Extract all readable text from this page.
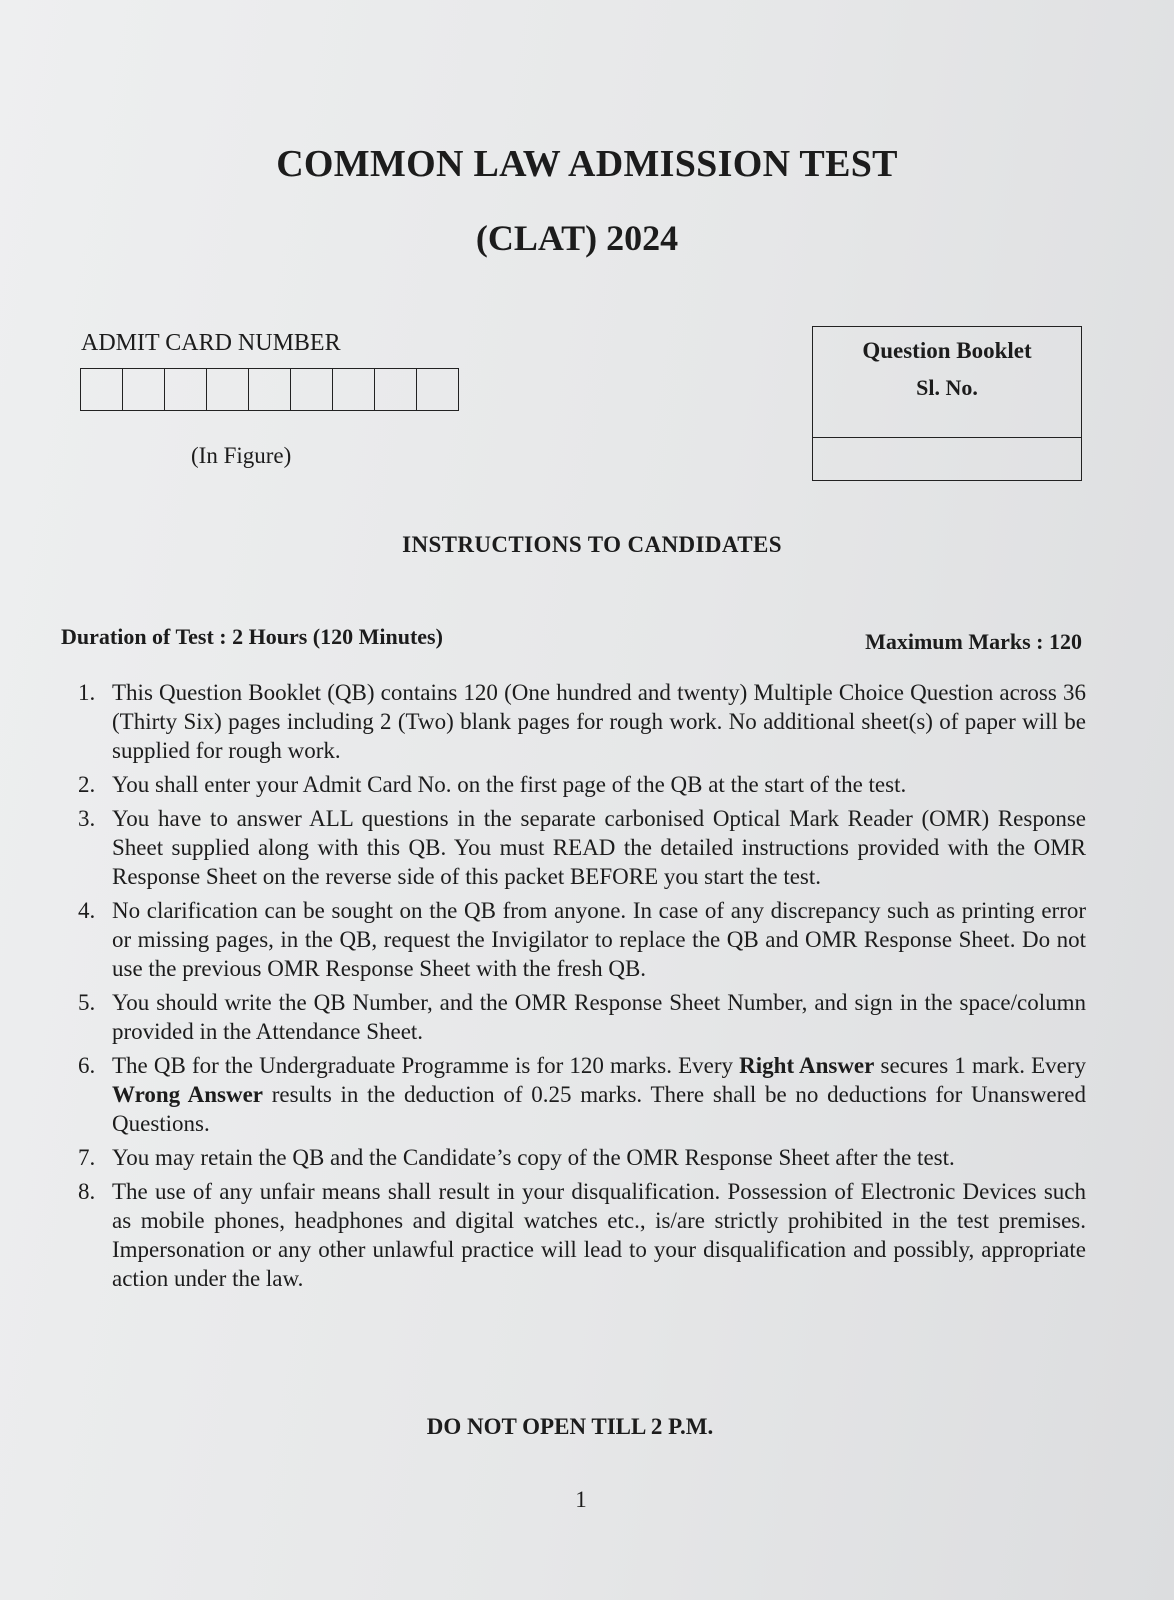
COMMON LAW ADMISSION TEST
(CLAT) 2024
ADMIT CARD NUMBER
(In Figure)
Question Booklet
Sl. No.
INSTRUCTIONS TO CANDIDATES
Duration of Test : 2 Hours (120 Minutes)	Maximum Marks : 120
1. This Question Booklet (QB) contains 120 (One hundred and twenty) Multiple Choice Question across 36 (Thirty Six) pages including 2 (Two) blank pages for rough work. No additional sheet(s) of paper will be supplied for rough work.
2. You shall enter your Admit Card No. on the first page of the QB at the start of the test.
3. You have to answer ALL questions in the separate carbonised Optical Mark Reader (OMR) Response Sheet supplied along with this QB. You must READ the detailed instructions provided with the OMR Response Sheet on the reverse side of this packet BEFORE you start the test.
4. No clarification can be sought on the QB from anyone. In case of any discrepancy such as printing error or missing pages, in the QB, request the Invigilator to replace the QB and OMR Response Sheet. Do not use the previous OMR Response Sheet with the fresh QB.
5. You should write the QB Number, and the OMR Response Sheet Number, and sign in the space/column provided in the Attendance Sheet.
6. The QB for the Undergraduate Programme is for 120 marks. Every Right Answer secures 1 mark. Every Wrong Answer results in the deduction of 0.25 marks. There shall be no deductions for Unanswered Questions.
7. You may retain the QB and the Candidate’s copy of the OMR Response Sheet after the test.
8. The use of any unfair means shall result in your disqualification. Possession of Electronic Devices such as mobile phones, headphones and digital watches etc., is/are strictly prohibited in the test premises. Impersonation or any other unlawful practice will lead to your disqualification and possibly, appropriate action under the law.
DO NOT OPEN TILL 2 P.M.
1
